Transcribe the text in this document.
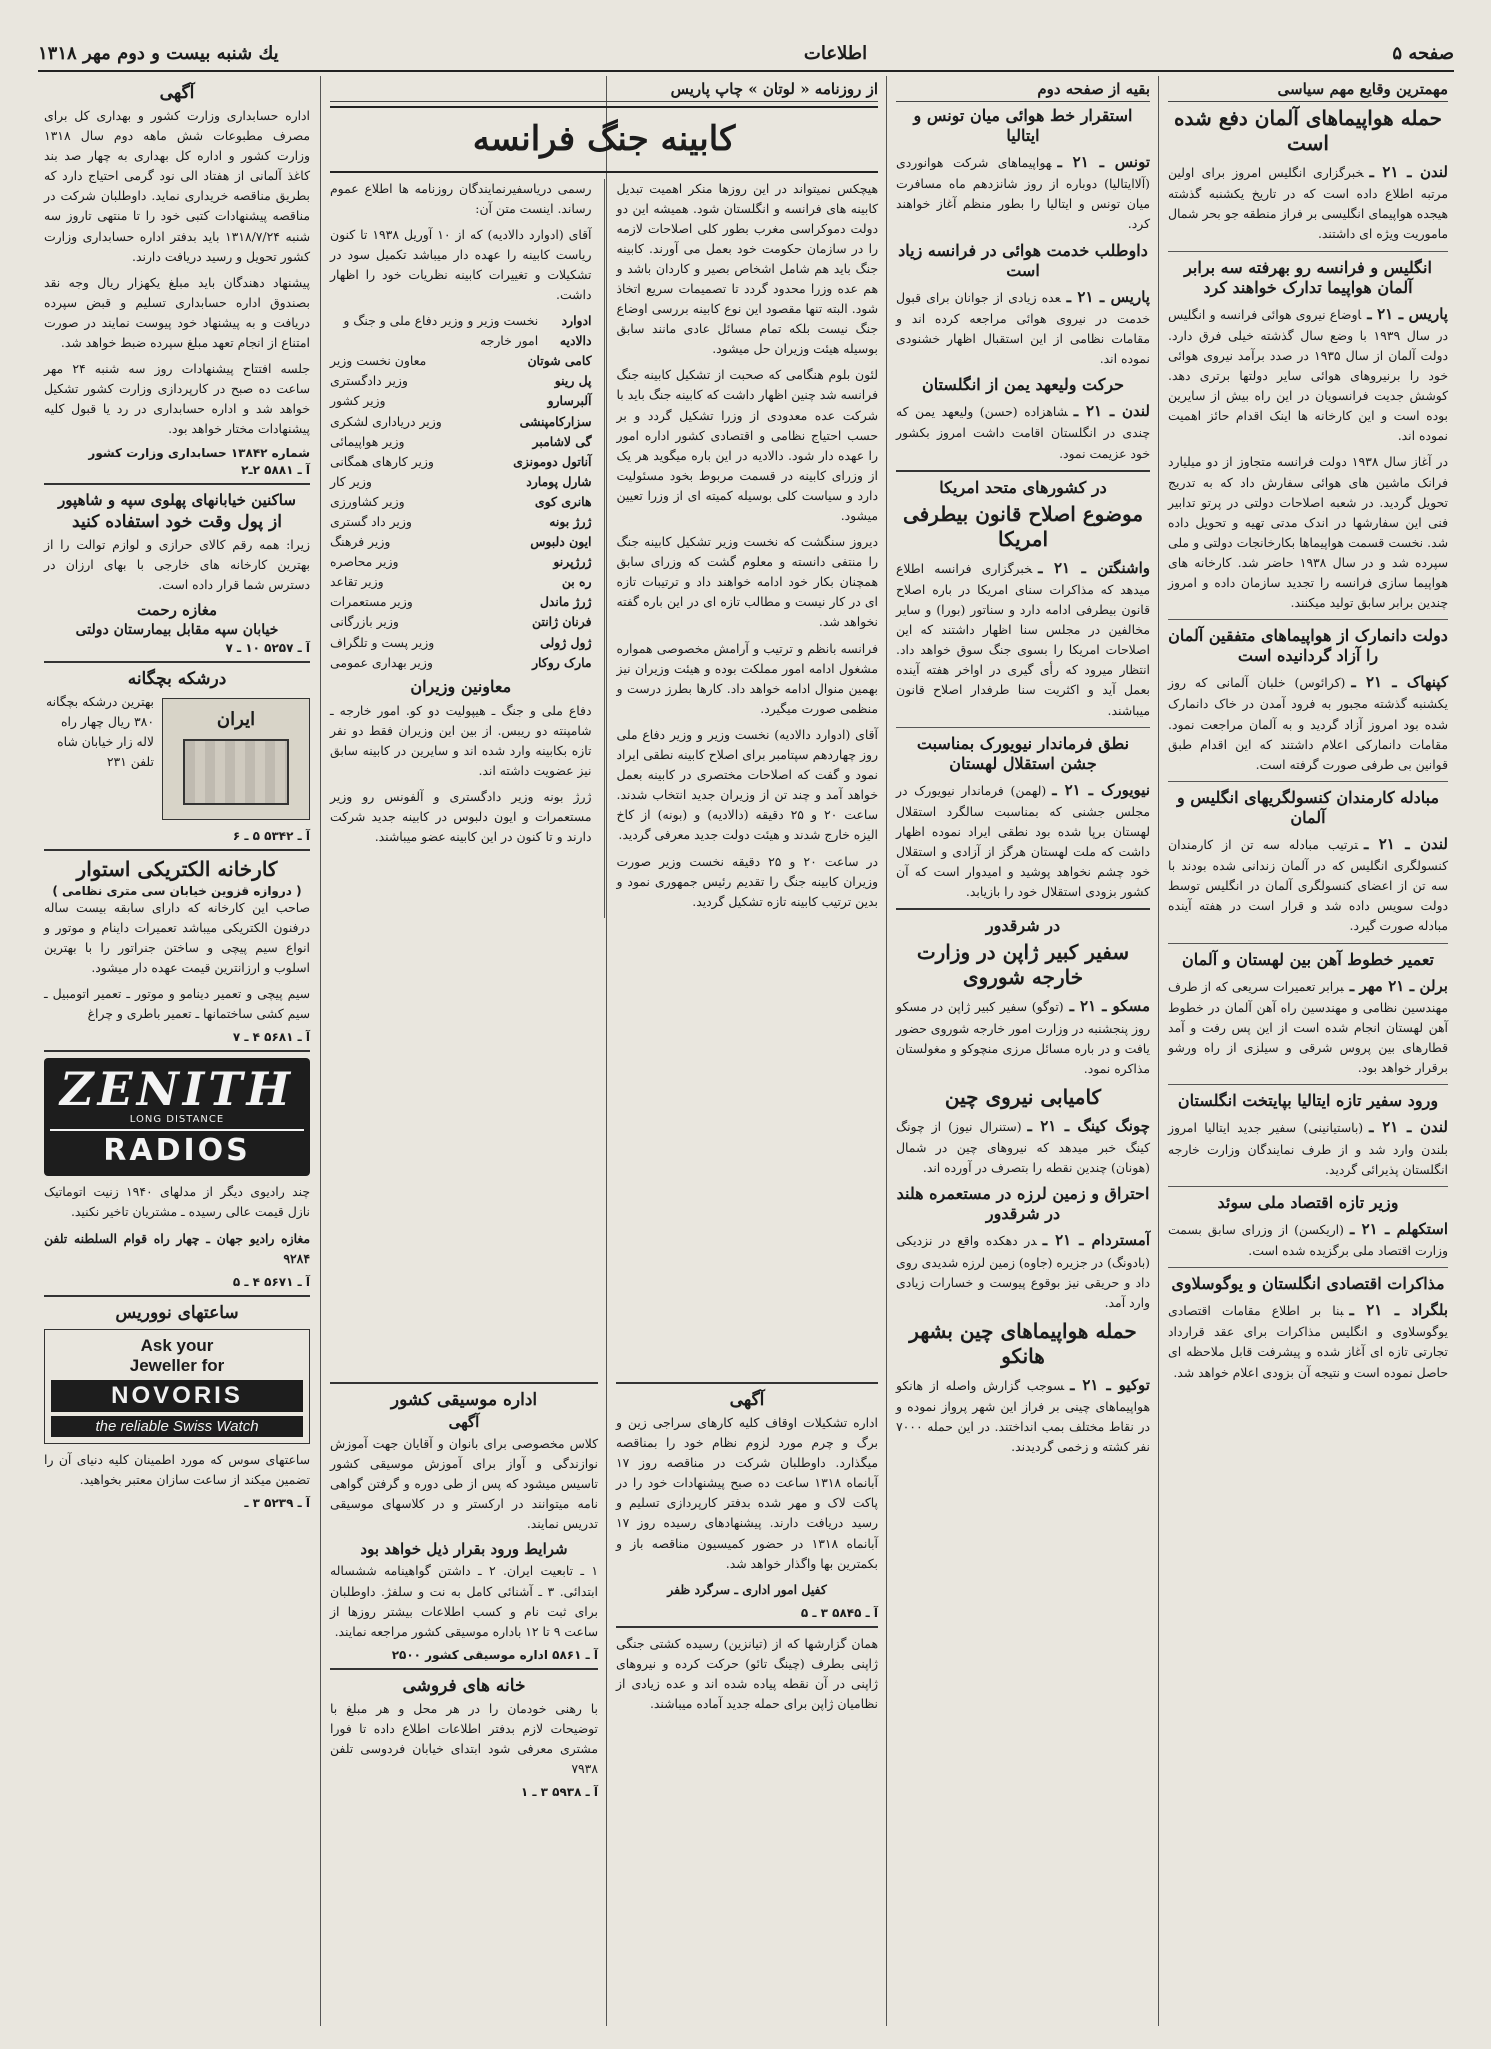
صفحه ۵
اطلاعات
یك شنبه بیست و دوم مهر ۱۳۱۸
مهمترین وقایع مهم سیاسی
حمله هواپیماهای آلمان دفع شده است

لندن ـ ۲۱ ـخبرگزاری انگلیس امروز برای اولین مرتبه اطلاع داده است که در تاریخ یکشنبه گذشته هیجده هواپیمای انگلیسی بر فراز منطقه جو بحر شمال ماموریت ویژه ای داشتند.

انگلیس و فرانسه رو بهرفته سه برابر آلمان هواپیما تدارک خواهند کرد

پاریس ـ ۲۱ ـاوضاع نیروی هوائی فرانسه و انگلیس در سال ۱۹۳۹ با وضع سال گذشته خیلی فرق دارد. دولت آلمان از سال ۱۹۳۵ در صدد برآمد نیروی هوائی خود را برنیروهای هوائی سایر دولتها برتری دهد. کوشش جدیت فرانسویان در این راه بیش از سایرین بوده است و این کارخانه ها اینک اقدام حائز اهمیت نموده اند.

در آغاز سال ۱۹۳۸ دولت فرانسه متجاوز از دو میلیارد فرانک ماشین های هوائی سفارش داد که به تدریج تحویل گردید. در شعبه اصلاحات دولتی در پرتو تدابیر فنی این سفارشها در اندک مدتی تهیه و تحویل داده شد. نخست قسمت هواپیماها بکارخانجات دولتی و ملی سپرده شد و در سال ۱۹۳۸ حاضر شد. کارخانه های هواپیما سازی فرانسه را تجدید سازمان داده و امروز چندین برابر سابق تولید میکنند.

دولت دانمارک از هواپیماهای متفقین آلمان را آزاد گردانیده است

کپنهاک ـ ۲۱ ـ(کرائوس) خلبان آلمانی که روز یکشنبه گذشته مجبور به فرود آمدن در خاک دانمارک شده بود امروز آزاد گردید و به آلمان مراجعت نمود. مقامات دانمارکی اعلام داشتند که این اقدام طبق قوانین بی طرفی صورت گرفته است.

مبادله کارمندان کنسولگریهای انگلیس و آلمان

لندن ـ ۲۱ ـترتیب مبادله سه تن از کارمندان کنسولگری انگلیس که در آلمان زندانی شده بودند با سه تن از اعضای کنسولگری آلمان در انگلیس توسط دولت سویس داده شد و قرار است در هفته آینده مبادله صورت گیرد.

تعمیر خطوط آهن بین لهستان و آلمان

برلن ـ ۲۱ مهر ـبرابر تعمیرات سریعی که از طرف مهندسین نظامی و مهندسین راه آهن آلمان در خطوط آهن لهستان انجام شده است از این پس رفت و آمد قطارهای بین پروس شرقی و سیلزی از راه ورشو برقرار خواهد بود.

ورود سفیر تازه ایتالیا بپایتخت انگلستان

لندن ـ ۲۱ ـ(باستیانینی) سفیر جدید ایتالیا امروز بلندن وارد شد و از طرف نمایندگان وزارت خارجه انگلستان پذیرائی گردید.

وزیر تازه اقتصاد ملی سوئد

استکهلم ـ ۲۱ ـ(اریکسن) از وزرای سابق بسمت وزارت اقتصاد ملی برگزیده شده است.

مذاکرات اقتصادی انگلستان و یوگوسلاوی

بلگراد ـ ۲۱ ـبنا بر اطلاع مقامات اقتصادی یوگوسلاوی و انگلیس مذاکرات برای عقد قرارداد تجارتی تازه ای آغاز شده و پیشرفت قابل ملاحظه ای حاصل نموده است و نتیجه آن بزودی اعلام خواهد شد.

بقیه از صفحه دوم
استقرار خط هوائی میان تونس و ایتالیا

تونس ـ ۲۱ ـهواپیماهای شرکت هوانوردی (آلاایتالیا) دوباره از روز شانزدهم ماه مسافرت میان تونس و ایتالیا را بطور منظم آغاز خواهند کرد.

داوطلب خدمت هوائی در فرانسه زیاد است

پاریس ـ ۲۱ ـعده زیادی از جوانان برای قبول خدمت در نیروی هوائی مراجعه کرده اند و مقامات نظامی از این استقبال اظهار خشنودی نموده اند.

حرکت ولیعهد یمن از انگلستان

لندن ـ ۲۱ ـشاهزاده (حسن) ولیعهد یمن که چندی در انگلستان اقامت داشت امروز بکشور خود عزیمت نمود.

در کشورهای متحد امریکا
موضوع اصلاح قانون بیطرفی امریکا

واشنگتن ـ ۲۱ ـخبرگزاری فرانسه اطلاع میدهد که مذاکرات سنای امریکا در باره اصلاح قانون بیطرفی ادامه دارد و سناتور (بورا) و سایر مخالفین در مجلس سنا اظهار داشتند که این اصلاحات امریکا را بسوی جنگ سوق خواهد داد. انتظار میرود که رأی گیری در اواخر هفته آینده بعمل آید و اکثریت سنا طرفدار اصلاح قانون میباشند.

نطق فرماندار نیویورک بمناسبت جشن استقلال لهستان

نیویورک ـ ۲۱ ـ(لهمن) فرماندار نیویورک در مجلس جشنی که بمناسبت سالگرد استقلال لهستان برپا شده بود نطقی ایراد نموده اظهار داشت که ملت لهستان هرگز از آزادی و استقلال خود چشم نخواهد پوشید و امیدوار است که آن کشور بزودی استقلال خود را بازیابد.

در شرقدور
سفیر کبیر ژاپن در وزارت خارجه شوروی

مسکو ـ ۲۱ ـ(توگو) سفیر کبیر ژاپن در مسکو روز پنجشنبه در وزارت امور خارجه شوروی حضور یافت و در باره مسائل مرزی منچوکو و مغولستان مذاکره نمود.

کامیابی نیروی چین

چونگ کینگ ـ ۲۱ ـ(ستنرال نیوز) از چونگ کینگ خبر میدهد که نیروهای چین در شمال (هونان) چندین نقطه را بتصرف در آورده اند.

احتراق و زمین لرزه در مستعمره هلند در شرقدور

آمستردام ـ ۲۱ ـدر دهکده واقع در نزدیکی (بادونگ) در جزیره (جاوه) زمین لرزه شدیدی روی داد و حریقی نیز بوقوع پیوست و خسارات زیادی وارد آمد.

حمله هواپیماهای چین بشهر هانکو

توکیو ـ ۲۱ ـسوجب گزارش واصله از هانکو هواپیماهای چینی بر فراز این شهر پرواز نموده و در نقاط مختلف بمب انداختند. در این حمله ۷۰۰۰ نفر کشته و زخمی گردیدند.

از روزنامه « لوتان » چاپ پاریس
کابینه جنگ فرانسه

هیچکس نمیتواند در این روزها منکر اهمیت تبدیل کابینه های فرانسه و انگلستان شود. همیشه این دو دولت دموکراسی مغرب بطور کلی اصلاحات لازمه را در سازمان حکومت خود بعمل می آورند. کابینه جنگ باید هم شامل اشخاص بصیر و کاردان باشد و هم عده وزرا محدود گردد تا تصمیمات سریع اتخاذ شود. البته تنها مقصود این نوع کابینه بررسی اوضاع جنگ نیست بلکه تمام مسائل عادی مانند سابق بوسیله هیئت وزیران حل میشود.

لئون بلوم هنگامی که صحبت از تشکیل کابینه جنگ فرانسه شد چنین اظهار داشت که کابینه جنگ باید با شرکت عده معدودی از وزرا تشکیل گردد و بر حسب احتیاج نظامی و اقتصادی کشور اداره امور را عهده دار شود. دالادیه در این باره میگوید هر یک از وزرای کابینه در قسمت مربوط بخود مسئولیت دارد و سیاست کلی بوسیله کمیته ای از وزرا تعیین میشود.

دیروز سنگشت که نخست وزیر تشکیل کابینه جنگ را منتفی دانسته و معلوم گشت که وزرای سابق همچنان بکار خود ادامه خواهند داد و ترتیبات تازه ای در کار نیست و مطالب تازه ای در این باره گفته نخواهد شد.

فرانسه بانظم و ترتیب و آرامش مخصوصی همواره مشغول ادامه امور مملکت بوده و هیئت وزیران نیز بهمین منوال ادامه خواهد داد. کارها بطرز درست و منظمی صورت میگیرد.

آقای (ادوارد دالادیه) نخست وزیر و وزیر دفاع ملی روز چهاردهم سپتامبر برای اصلاح کابینه نطقی ایراد نمود و گفت که اصلاحات مختصری در کابینه بعمل خواهد آمد و چند تن از وزیران جدید انتخاب شدند. ساعت ۲۰ و ۲۵ دقیقه (دالادیه) و (بونه) از کاخ الیزه خارج شدند و هیئت دولت جدید معرفی گردید.

در ساعت ۲۰ و ۲۵ دقیقه نخست وزیر صورت وزیران کابینه جنگ را تقدیم رئیس جمهوری نمود و بدین ترتیب کابینه تازه تشکیل گردید.

رسمی دریاسفیرنمایندگان روزنامه ها اطلاع عموم رساند. اینست متن آن:

آقای (ادوارد دالادیه) که از ۱۰ آوریل ۱۹۳۸ تا کنون ریاست کابینه را عهده دار میباشد تکمیل سود در تشکیلات و تغییرات کابینه نظریات خود را اظهار داشت.

ادوارد دالادیه
نخست وزیر و وزیر دفاع ملی و جنگ و امور خارجه
کامی شوتان
معاون نخست وزیر
پل رینو
وزیر دادگستری
آلبرسارو
وزیر کشور
سزارکامپنشی
وزیر دریاداری لشکری
گی لاشامبر
وزیر هواپیمائی
آناتول دومونزی
وزیر کارهای همگانی
شارل پومارد
وزیر کار
هانری کوی
وزیر کشاورزی
ژرژ بونه
وزیر داد گستری
ایون دلبوس
وزیر فرهنگ
ژرژپرنو
وزیر محاصره
ره بن
وزیر تقاعد
ژرژ ماندل
وزیر مستعمرات
فرنان ژانتن
وزیر بازرگانی
ژول ژولی
وزیر پست و تلگراف
مارک روکار
وزیر بهداری عمومی
معاونین وزیران

دفاع ملی و جنگ ـ هیپولیت دو کو. امور خارجه ـ شامپنته دو ریبس. از بین این وزیران فقط دو نفر تازه بکابینه وارد شده اند و سایرین در کابینه سابق نیز عضویت داشته اند.

ژرژ بونه وزیر دادگستری و آلفونس رو وزیر مستعمرات و ایون دلبوس در کابینه جدید شرکت دارند و تا کنون در این کابینه عضو میباشند.

آگهی

اداره تشکیلات اوقاف کلیه کارهای سراجی زین و برگ و چرم مورد لزوم نظام خود را بمناقصه میگذارد. داوطلبان شرکت در مناقصه روز ۱۷ آبانماه ۱۳۱۸ ساعت ده صبح پیشنهادات خود را در پاکت لاک و مهر شده بدفتر کارپردازی تسلیم و رسید دریافت دارند. پیشنهادهای رسیده روز ۱۷ آبانماه ۱۳۱۸ در حضور کمیسیون مناقصه باز و بکمترین بها واگذار خواهد شد.

کفیل امور اداری ـ سرگرد ظفر

آ ـ ۵۸۴۵ ۳ ـ ۵

همان گزارشها که از (تیانزین) رسیده کشتی جنگی ژاپنی بطرف (چینگ تائو) حرکت کرده و نیروهای ژاپنی در آن نقطه پیاده شده اند و عده زیادی از نظامیان ژاپن برای حمله جدید آماده میباشند.

اداره موسیقی کشور
آگهی

کلاس مخصوصی برای بانوان و آقایان جهت آموزش نوازندگی و آواز برای آموزش موسیقی کشور تاسیس میشود که پس از طی دوره و گرفتن گواهی نامه میتوانند در ارکستر و در کلاسهای موسیقی تدریس نمایند.

شرایط ورود بقرار ذیل خواهد بود

۱ ـ تابعیت ایران. ۲ ـ داشتن گواهینامه ششساله ابتدائی. ۳ ـ آشنائی کامل به نت و سلفژ. داوطلبان برای ثبت نام و کسب اطلاعات بیشتر روزها از ساعت ۹ تا ۱۲ باداره موسیقی کشور مراجعه نمایند.

آ ـ ۵۸۶۱ اداره موسیقی کشور ۲۵۰۰
خانه های فروشی

با رهنی خودمان را در هر محل و هر مبلغ با توضیحات لازم بدفتر اطلاعات اطلاع داده تا فورا مشتری معرفی شود ابتدای خیابان فردوسی تلفن ۷۹۳۸

آ ـ ۵۹۳۸ ۳ ـ ۱
آگهی

اداره حسابداری وزارت کشور و بهداری کل برای مصرف مطبوعات شش ماهه دوم سال ۱۳۱۸ وزارت کشور و اداره کل بهداری به چهار صد بند کاغذ آلمانی از هفتاد الی نود گرمی احتیاج دارد که بطریق مناقصه خریداری نماید. داوطلبان شرکت در مناقصه پیشنهادات کتبی خود را تا منتهی تاروز سه شنبه ۱۳۱۸/۷/۲۴ باید بدفتر اداره حسابداری وزارت کشور تحویل و رسید دریافت دارند.

پیشنهاد دهندگان باید مبلغ یکهزار ریال وجه نقد بصندوق اداره حسابداری تسلیم و قبض سپرده دریافت و به پیشنهاد خود پیوست نمایند در صورت امتناع از انجام تعهد مبلغ سپرده ضبط خواهد شد.

جلسه افتتاح پیشنهادات روز سه شنبه ۲۴ مهر ساعت ده صبح در کارپردازی وزارت کشور تشکیل خواهد شد و اداره حسابداری در رد یا قبول کلیه پیشنهادات مختار خواهد بود.

شماره ۱۳۸۴۲ حسابداری وزارت کشور
آ ـ ۵۸۸۱ ۲ـ۲
ساکنین خیابانهای پهلوی سپه و شاهپور
از پول وقت خود استفاده کنید

زیرا: همه رقم کالای حرازی و لوازم توالت را از بهترین کارخانه های خارجی با بهای ارزان در دسترس شما قرار داده است.

مغازه رحمت
خیابان سپه مقابل بیمارستان دولتی
آ ـ ۵۲۵۷ ۱۰ ـ ۷
درشکه بچگانه
ایران
بهترین درشکه بچگانه ۳۸۰ ریال چهار راه لاله زار خیابان شاه تلفن ۲۳۱
آ ـ ۵۳۴۲ ۵ ـ ۶
کارخانه الکتریکی استوار
( دروازه قزوین خیابان سی متری نظامی )

صاحب این کارخانه که دارای سابقه بیست ساله درفنون الکتریکی میباشد تعمیرات داینام و موتور و انواع سیم پیچی و ساختن جنراتور را با بهترین اسلوب و ارزانترین قیمت عهده دار میشود.

سیم پیچی و تعمیر دینامو و موتور ـ تعمیر اتومبیل ـ سیم کشی ساختمانها ـ تعمیر باطری و چراغ

آ ـ ۵۶۸۱ ۴ ـ ۷
ZENITH
LONG DISTANCE
RADIOS

چند رادیوی دیگر از مدلهای ۱۹۴۰ زنیت اتوماتیک نازل قیمت عالی رسیده ـ مشتریان تاخیر نکنید.

مغازه رادیو جهان ـ چهار راه قوام السلطنه تلفن ۹۲۸۴

آ ـ ۵۶۷۱ ۴ ـ ۵
ساعتهای نووریس
Ask your
Jeweller for
NOVORIS
the reliable Swiss Watch

ساعتهای سوس که مورد اطمینان کلیه دنیای آن را تضمین میکند از ساعت سازان معتبر بخواهید.

آ ـ ۵۲۳۹ ۳ ـ
